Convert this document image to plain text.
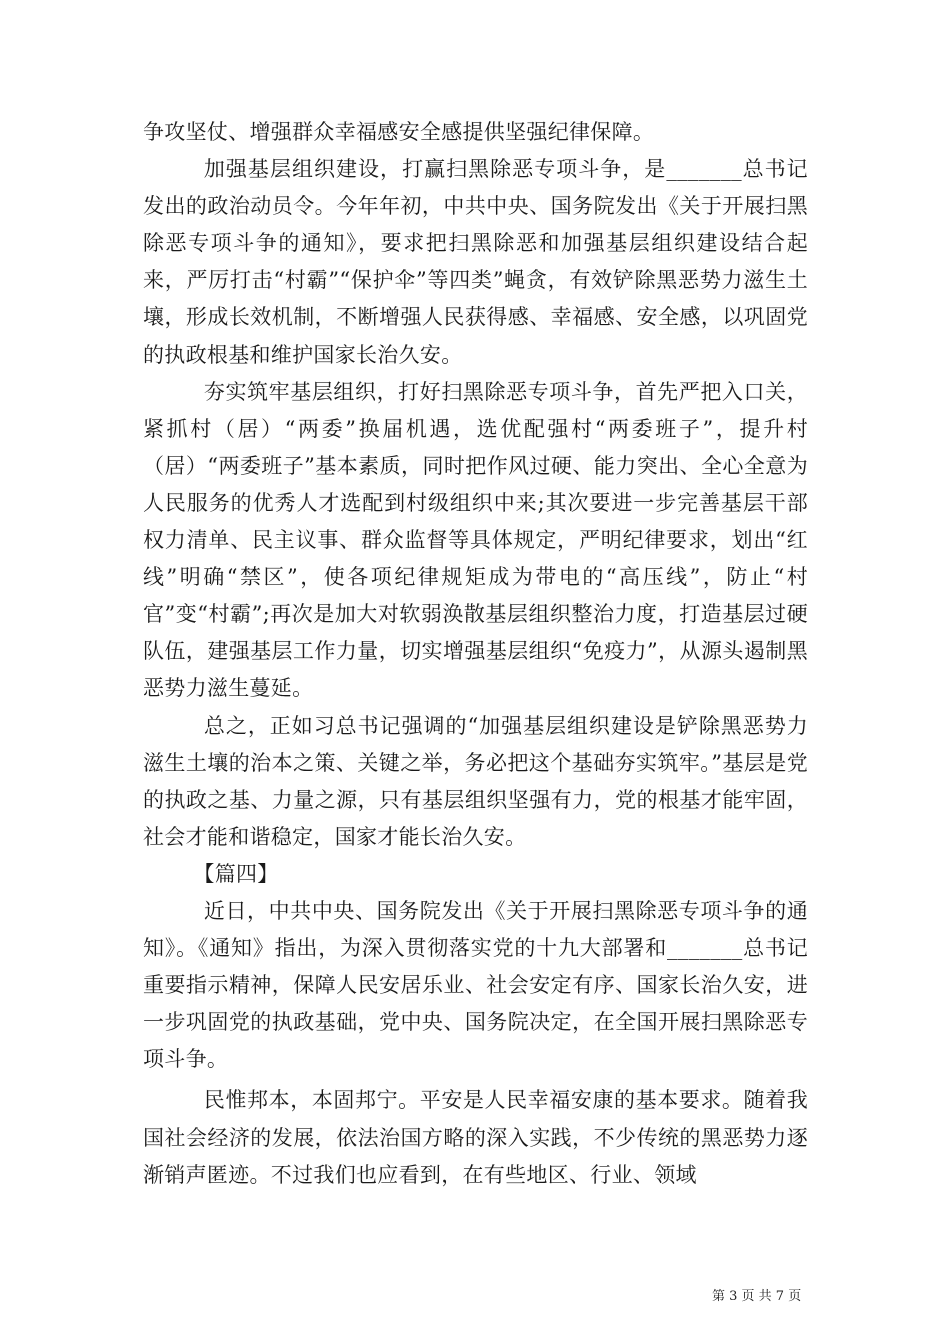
争攻坚仗、增强群众幸福感安全感提供坚强纪律保障。

加强基层组织建设，打赢扫黑除恶专项斗争，是_______总书记发出的政治动员令。今年年初，中共中央、国务院发出《关于开展扫黑除恶专项斗争的通知》，要求把扫黑除恶和加强基层组织建设结合起来，严厉打击“村霸”“保护伞”等四类”蝇贪，有效铲除黑恶势力滋生土壤，形成长效机制，不断增强人民获得感、幸福感、安全感，以巩固党的执政根基和维护国家长治久安。

夯实筑牢基层组织，打好扫黑除恶专项斗争，首先严把入口关，紧抓村（居）“两委”换届机遇，选优配强村“两委班子”，提升村（居）“两委班子”基本素质，同时把作风过硬、能力突出、全心全意为人民服务的优秀人才选配到村级组织中来;其次要进一步完善基层干部权力清单、民主议事、群众监督等具体规定，严明纪律要求，划出“红线”明确“禁区”，使各项纪律规矩成为带电的“高压线”，防止“村官”变“村霸”;再次是加大对软弱涣散基层组织整治力度，打造基层过硬队伍，建强基层工作力量，切实增强基层组织“免疫力”，从源头遏制黑恶势力滋生蔓延。

总之，正如习总书记强调的“加强基层组织建设是铲除黑恶势力滋生土壤的治本之策、关键之举，务必把这个基础夯实筑牢。”基层是党的执政之基、力量之源，只有基层组织坚强有力，党的根基才能牢固，社会才能和谐稳定，国家才能长治久安。

【篇四】

近日，中共中央、国务院发出《关于开展扫黑除恶专项斗争的通知》。《通知》指出，为深入贯彻落实党的十九大部署和_______总书记重要指示精神，保障人民安居乐业、社会安定有序、国家长治久安，进一步巩固党的执政基础，党中央、国务院决定，在全国开展扫黑除恶专项斗争。

民惟邦本，本固邦宁。平安是人民幸福安康的基本要求。随着我国社会经济的发展，依法治国方略的深入实践，不少传统的黑恶势力逐渐销声匿迹。不过我们也应看到，在有些地区、行业、领域

第 3 页 共 7 页
